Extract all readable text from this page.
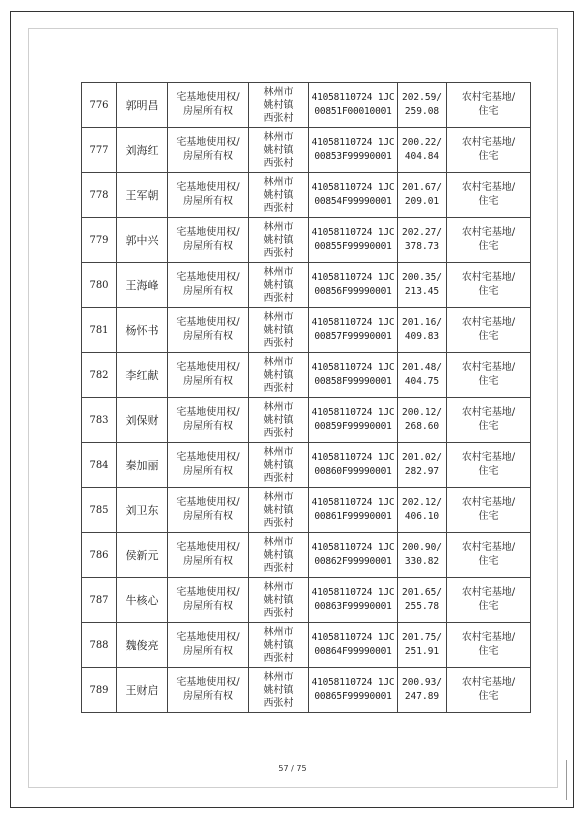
776	郭明昌	宅基地使用权/
房屋所有权	林州市
姚村镇
西张村	41058110724 1JC
00851F00010001	202.59/
259.08	农村宅基地/
住宅

777	刘海红	宅基地使用权/
房屋所有权	林州市
姚村镇
西张村	41058110724 1JC
00853F99990001	200.22/
404.84	农村宅基地/
住宅

778	王军朝	宅基地使用权/
房屋所有权	林州市
姚村镇
西张村	41058110724 1JC
00854F99990001	201.67/
209.01	农村宅基地/
住宅

779	郭中兴	宅基地使用权/
房屋所有权	林州市
姚村镇
西张村	41058110724 1JC
00855F99990001	202.27/
378.73	农村宅基地/
住宅

780	王海峰	宅基地使用权/
房屋所有权	林州市
姚村镇
西张村	41058110724 1JC
00856F99990001	200.35/
213.45	农村宅基地/
住宅

781	杨怀书	宅基地使用权/
房屋所有权	林州市
姚村镇
西张村	41058110724 1JC
00857F99990001	201.16/
409.83	农村宅基地/
住宅

782	李红献	宅基地使用权/
房屋所有权	林州市
姚村镇
西张村	41058110724 1JC
00858F99990001	201.48/
404.75	农村宅基地/
住宅

783	刘保财	宅基地使用权/
房屋所有权	林州市
姚村镇
西张村	41058110724 1JC
00859F99990001	200.12/
268.60	农村宅基地/
住宅

784	秦加丽	宅基地使用权/
房屋所有权	林州市
姚村镇
西张村	41058110724 1JC
00860F99990001	201.02/
282.97	农村宅基地/
住宅

785	刘卫东	宅基地使用权/
房屋所有权	林州市
姚村镇
西张村	41058110724 1JC
00861F99990001	202.12/
406.10	农村宅基地/
住宅

786	侯新元	宅基地使用权/
房屋所有权	林州市
姚村镇
西张村	41058110724 1JC
00862F99990001	200.90/
330.82	农村宅基地/
住宅

787	牛核心	宅基地使用权/
房屋所有权	林州市
姚村镇
西张村	41058110724 1JC
00863F99990001	201.65/
255.78	农村宅基地/
住宅

788	魏俊亮	宅基地使用权/
房屋所有权	林州市
姚村镇
西张村	41058110724 1JC
00864F99990001	201.75/
251.91	农村宅基地/
住宅

789	王财启	宅基地使用权/
房屋所有权	林州市
姚村镇
西张村	41058110724 1JC
00865F99990001	200.93/
247.89	农村宅基地/
住宅
57 / 75
